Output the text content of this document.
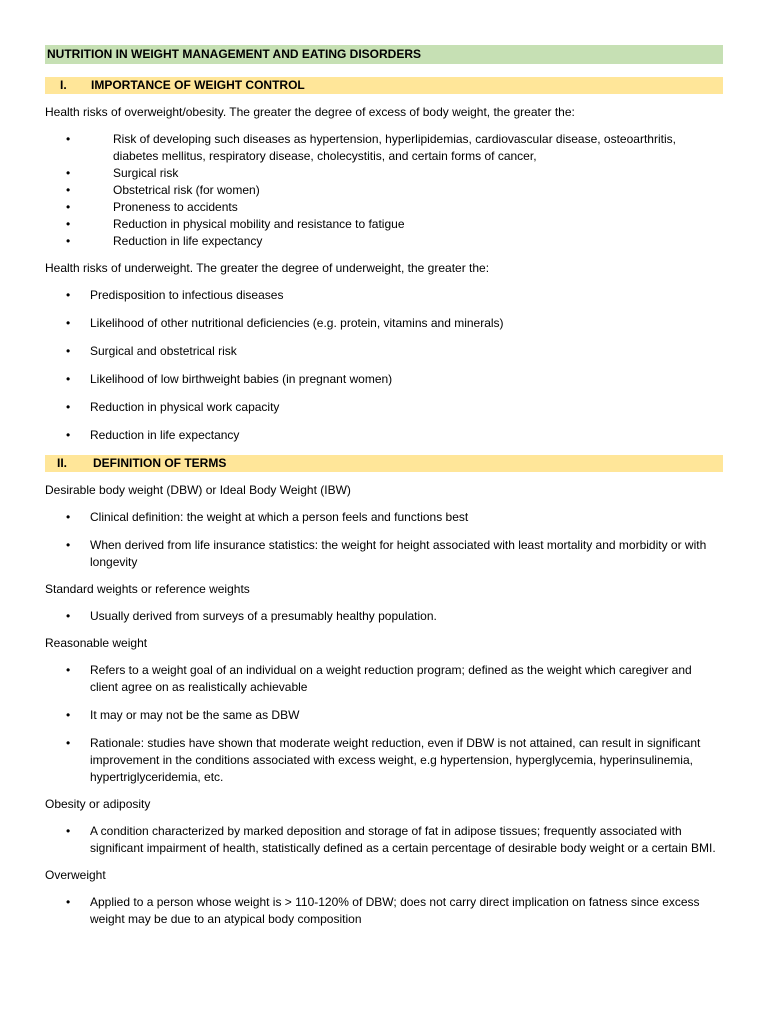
NUTRITION IN WEIGHT MANAGEMENT AND EATING DISORDERS
I.	IMPORTANCE OF WEIGHT CONTROL

Health risks of overweight/obesity. The greater the degree of excess of body weight, the greater the:

•	Risk of developing such diseases as hypertension, hyperlipidemias, cardiovascular disease, osteoarthritis, diabetes mellitus, respiratory disease, cholecystitis, and certain forms of cancer,
•	Surgical risk
•	Obstetrical risk (for women)
•	Proneness to accidents
•	Reduction in physical mobility and resistance to fatigue
•	Reduction in life expectancy

Health risks of underweight. The greater the degree of underweight, the greater the:

• Predisposition to infectious diseases
• Likelihood of other nutritional deficiencies (e.g. protein, vitamins and minerals)
• Surgical and obstetrical risk
• Likelihood of low birthweight babies (in pregnant women)
• Reduction in physical work capacity
• Reduction in life expectancy
II.	DEFINITION OF TERMS

Desirable body weight (DBW) or Ideal Body Weight (IBW)

• Clinical definition: the weight at which a person feels and functions best
• When derived from life insurance statistics: the weight for height associated with least mortality and morbidity or with longevity

Standard weights or reference weights

• Usually derived from surveys of a presumably healthy population.

Reasonable weight

• Refers to a weight goal of an individual on a weight reduction program; defined as the weight which caregiver and client agree on as realistically achievable
• It may or may not be the same as DBW
• Rationale: studies have shown that moderate weight reduction, even if DBW is not attained, can result in significant improvement in the conditions associated with excess weight, e.g hypertension, hyperglycemia, hyperinsulinemia, hypertriglyceridemia, etc.

Obesity or adiposity

• A condition characterized by marked deposition and storage of fat in adipose tissues; frequently associated with significant impairment of health, statistically defined as a certain percentage of desirable body weight or a certain BMI.

Overweight

• Applied to a person whose weight is > 110-120% of DBW; does not carry direct implication on fatness since excess weight may be due to an atypical body composition
